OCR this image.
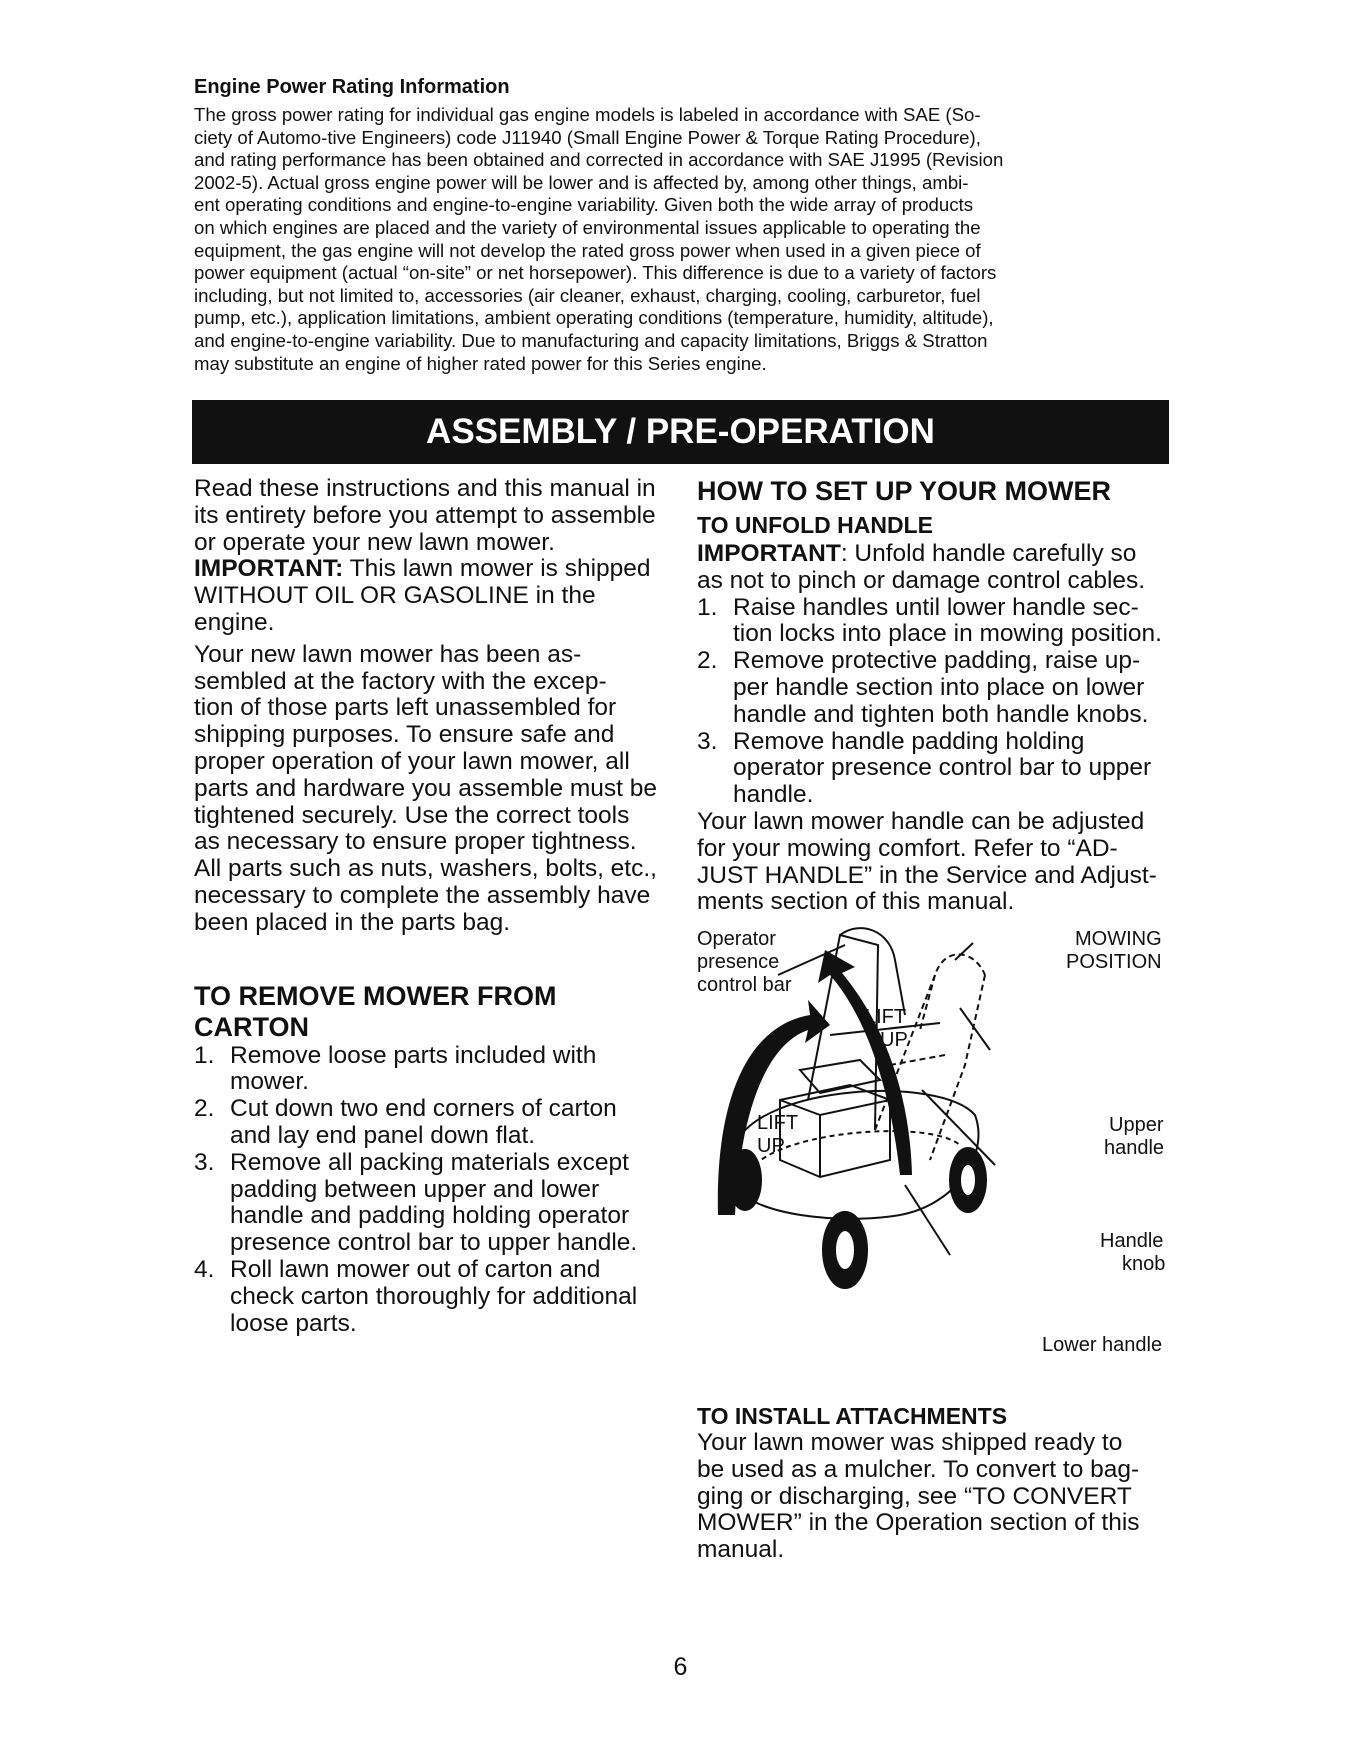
Engine Power Rating Information
The gross power rating for individual gas engine models is labeled in accordance with SAE (So-
ciety of Automo-tive Engineers) code J11940 (Small Engine Power & Torque Rating Procedure),
and rating performance has been obtained and corrected in accordance with SAE J1995 (Revision
2002-5). Actual gross engine power will be lower and is affected by, among other things, ambi-
ent operating conditions and engine-to-engine variability. Given both the wide array of products
on which engines are placed and the variety of environmental issues applicable to operating the
equipment, the gas engine will not develop the rated gross power when used in a given piece of
power equipment (actual “on-site” or net horsepower). This difference is due to a variety of factors
including, but not limited to, accessories (air cleaner, exhaust, charging, cooling, carburetor, fuel
pump, etc.), application limitations, ambient operating conditions (temperature, humidity, altitude),
and engine-to-engine variability. Due to manufacturing and capacity limitations, Briggs & Stratton
may substitute an engine of higher rated power for this Series engine.
ASSEMBLY / PRE-OPERATION
Read these instructions and this manual in
its entirety before you attempt to assemble
or operate your new lawn mower.
IMPORTANT: This lawn mower is shipped
WITHOUT OIL OR GASOLINE in the
engine.
Your new lawn mower has been as-
sembled at the factory with the excep-
tion of those parts left unassembled for
shipping purposes. To ensure safe and
proper operation of your lawn mower, all
parts and hardware you assemble must be
tightened securely. Use the correct tools
as necessary to ensure proper tightness.
All parts such as nuts, washers, bolts, etc.,
necessary to complete the assembly have
been placed in the parts bag.
TO REMOVE MOWER FROM
CARTON
1. Remove loose parts included with
mower.
2. Cut down two end corners of carton
and lay end panel down flat.
3. Remove all packing materials except
padding between upper and lower
handle and padding holding operator
presence control bar to upper handle.
4. Roll lawn mower out of carton and
check carton thoroughly for additional
loose parts.
HOW TO SET UP YOUR MOWER
TO UNFOLD HANDLE
IMPORTANT: Unfold handle carefully so
as not to pinch or damage control cables.
1. Raise handles until lower handle sec-
tion locks into place in mowing position.
2. Remove protective padding, raise up-
per handle section into place on lower
handle and tighten both handle knobs.
3. Remove handle padding holding
operator presence control bar to upper
handle.
Your lawn mower handle can be adjusted
for your mowing comfort. Refer to “AD-
JUST HANDLE” in the Service and Adjust-
ments section of this manual.
Operator
presence
control bar
MOWING
POSITION
LIFT
UP
LIFT
UP
Upper
handle
Handle
knob
Lower handle
TO INSTALL ATTACHMENTS
Your lawn mower was shipped ready to
be used as a mulcher. To convert to bag-
ging or discharging, see “TO CONVERT
MOWER” in the Operation section of this
manual.
6
